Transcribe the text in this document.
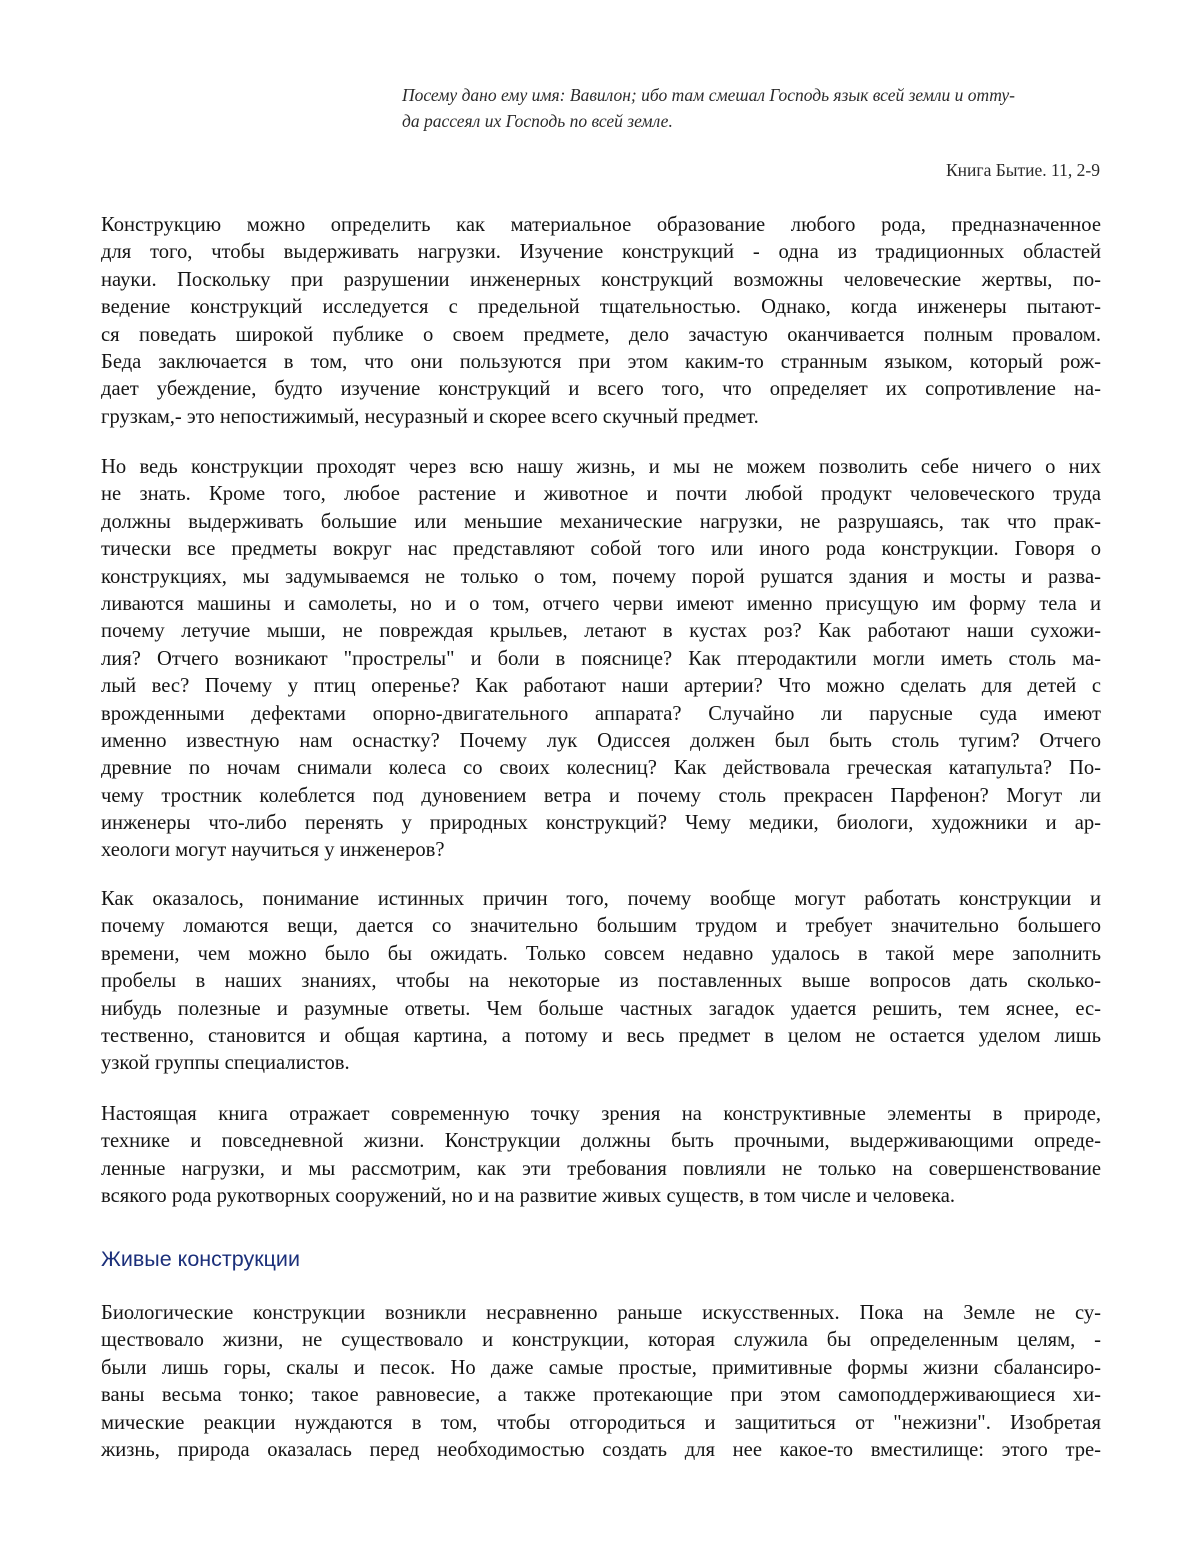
Посему дано ему имя: Вавилон; ибо там смешал Господь язык всей земли и отту-
да рассеял их Господь по всей земле.
Книга Бытие. 11, 2-9
Конструкцию можно определить как материальное образование любого рода, предназначенное
для того, чтобы выдерживать нагрузки. Изучение конструкций - одна из традиционных областей
науки. Поскольку при разрушении инженерных конструкций возможны человеческие жертвы, по-
ведение конструкций исследуется с предельной тщательностью. Однако, когда инженеры пытают-
ся поведать широкой публике о своем предмете, дело зачастую оканчивается полным провалом.
Беда заключается в том, что они пользуются при этом каким-то странным языком, который рож-
дает убеждение, будто изучение конструкций и всего того, что определяет их сопротивление на-
грузкам,- это непостижимый, несуразный и скорее всего скучный предмет.
Но ведь конструкции проходят через всю нашу жизнь, и мы не можем позволить себе ничего о них
не знать. Кроме того, любое растение и животное и почти любой продукт человеческого труда
должны выдерживать большие или меньшие механические нагрузки, не разрушаясь, так что прак-
тически все предметы вокруг нас представляют собой того или иного рода конструкции. Говоря о
конструкциях, мы задумываемся не только о том, почему порой рушатся здания и мосты и разва-
ливаются машины и самолеты, но и о том, отчего черви имеют именно присущую им форму тела и
почему летучие мыши, не повреждая крыльев, летают в кустах роз? Как работают наши сухожи-
лия? Отчего возникают "прострелы" и боли в пояснице? Как птеродактили могли иметь столь ма-
лый вес? Почему у птиц оперенье? Как работают наши артерии? Что можно сделать для детей с
врожденными дефектами опорно-двигательного аппарата? Случайно ли парусные суда имеют
именно известную нам оснастку? Почему лук Одиссея должен был быть столь тугим? Отчего
древние по ночам снимали колеса со своих колесниц? Как действовала греческая катапульта? По-
чему тростник колеблется под дуновением ветра и почему столь прекрасен Парфенон? Могут ли
инженеры что-либо перенять у природных конструкций? Чему медики, биологи, художники и ар-
хеологи могут научиться у инженеров?
Как оказалось, понимание истинных причин того, почему вообще могут работать конструкции и
почему ломаются вещи, дается со значительно большим трудом и требует значительно большего
времени, чем можно было бы ожидать. Только совсем недавно удалось в такой мере заполнить
пробелы в наших знаниях, чтобы на некоторые из поставленных выше вопросов дать сколько-
нибудь полезные и разумные ответы. Чем больше частных загадок удается решить, тем яснее, ес-
тественно, становится и общая картина, а потому и весь предмет в целом не остается уделом лишь
узкой группы специалистов.
Настоящая книга отражает современную точку зрения на конструктивные элементы в природе,
технике и повседневной жизни. Конструкции должны быть прочными, выдерживающими опреде-
ленные нагрузки, и мы рассмотрим, как эти требования повлияли не только на совершенствование
всякого рода рукотворных сооружений, но и на развитие живых существ, в том числе и человека.
Живые конструкции
Биологические конструкции возникли несравненно раньше искусственных. Пока на Земле не су-
ществовало жизни, не существовало и конструкции, которая служила бы определенным целям, -
были лишь горы, скалы и песок. Но даже самые простые, примитивные формы жизни сбалансиро-
ваны весьма тонко; такое равновесие, а также протекающие при этом самоподдерживающиеся хи-
мические реакции нуждаются в том, чтобы отгородиться и защититься от "нежизни". Изобретая
жизнь, природа оказалась перед необходимостью создать для нее какое-то вместилище: этого тре-
